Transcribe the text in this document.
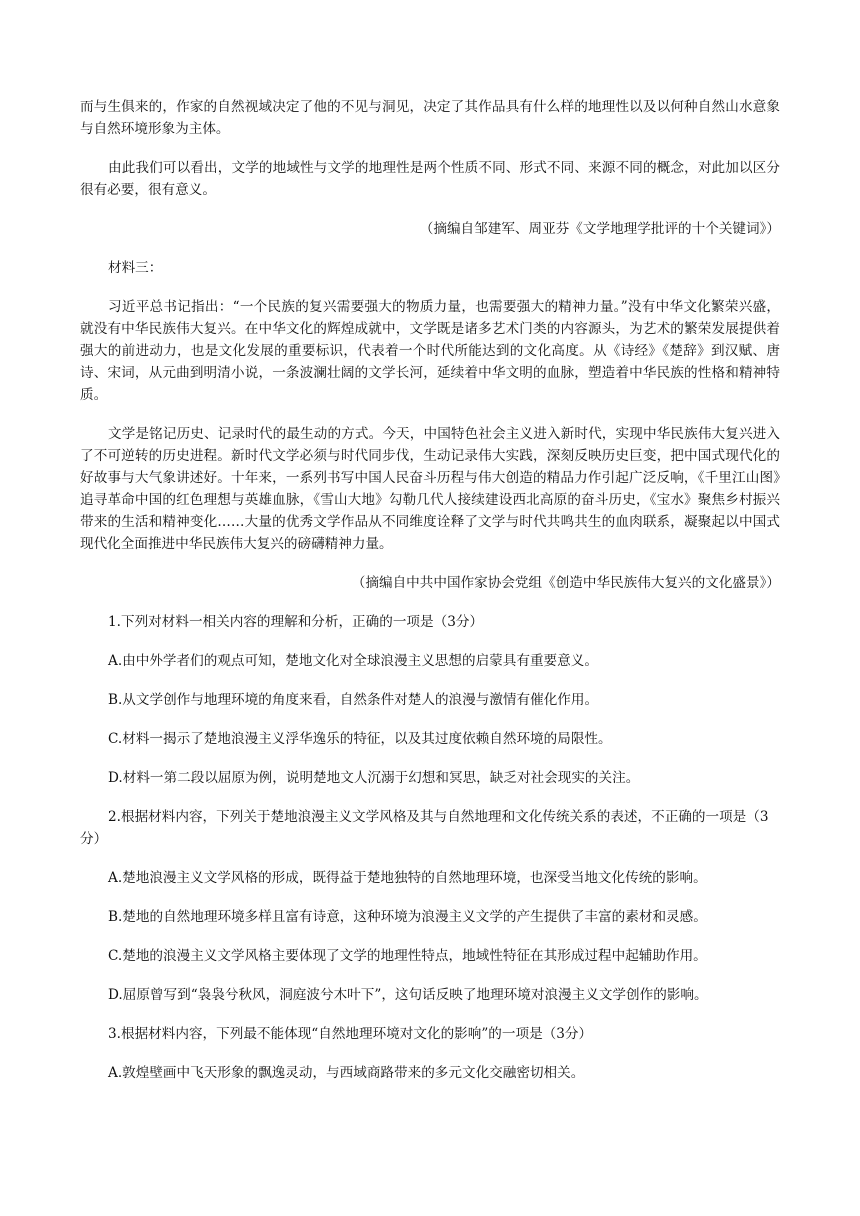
而与生俱来的，作家的自然视域决定了他的不见与洞见，决定了其作品具有什么样的地理性以及以何种自然山水意象与自然环境形象为主体。

由此我们可以看出，文学的地域性与文学的地理性是两个性质不同、形式不同、来源不同的概念，对此加以区分很有必要，很有意义。

（摘编自邹建军、周亚芬《文学地理学批评的十个关键词》）

材料三：

习近平总书记指出：“一个民族的复兴需要强大的物质力量，也需要强大的精神力量。”没有中华文化繁荣兴盛，就没有中华民族伟大复兴。在中华文化的辉煌成就中，文学既是诸多艺术门类的内容源头，为艺术的繁荣发展提供着强大的前进动力，也是文化发展的重要标识，代表着一个时代所能达到的文化高度。从《诗经》《楚辞》到汉赋、唐诗、宋词，从元曲到明清小说，一条波澜壮阔的文学长河，延续着中华文明的血脉，塑造着中华民族的性格和精神特质。

文学是铭记历史、记录时代的最生动的方式。今天，中国特色社会主义进入新时代，实现中华民族伟大复兴进入了不可逆转的历史进程。新时代文学必须与时代同步伐，生动记录伟大实践，深刻反映历史巨变，把中国式现代化的好故事与大气象讲述好。十年来，一系列书写中国人民奋斗历程与伟大创造的精品力作引起广泛反响，《千里江山图》追寻革命中国的红色理想与英雄血脉，《雪山大地》勾勒几代人接续建设西北高原的奋斗历史，《宝水》聚焦乡村振兴带来的生活和精神变化……大量的优秀文学作品从不同维度诠释了文学与时代共鸣共生的血肉联系，凝聚起以中国式现代化全面推进中华民族伟大复兴的磅礴精神力量。

（摘编自中共中国作家协会党组《创造中华民族伟大复兴的文化盛景》）

1.下列对材料一相关内容的理解和分析，正确的一项是（3分）

A.由中外学者们的观点可知，楚地文化对全球浪漫主义思想的启蒙具有重要意义。

B.从文学创作与地理环境的角度来看，自然条件对楚人的浪漫与激情有催化作用。

C.材料一揭示了楚地浪漫主义浮华逸乐的特征，以及其过度依赖自然环境的局限性。

D.材料一第二段以屈原为例，说明楚地文人沉溺于幻想和冥思，缺乏对社会现实的关注。

2.根据材料内容，下列关于楚地浪漫主义文学风格及其与自然地理和文化传统关系的表述，不正确的一项是（3分）

A.楚地浪漫主义文学风格的形成，既得益于楚地独特的自然地理环境，也深受当地文化传统的影响。

B.楚地的自然地理环境多样且富有诗意，这种环境为浪漫主义文学的产生提供了丰富的素材和灵感。

C.楚地的浪漫主义文学风格主要体现了文学的地理性特点，地域性特征在其形成过程中起辅助作用。

D.屈原曾写到“袅袅兮秋风，洞庭波兮木叶下”，这句话反映了地理环境对浪漫主义文学创作的影响。

3.根据材料内容，下列最不能体现“自然地理环境对文化的影响”的一项是（3分）

A.敦煌壁画中飞天形象的飘逸灵动，与西域商路带来的多元文化交融密切相关。
